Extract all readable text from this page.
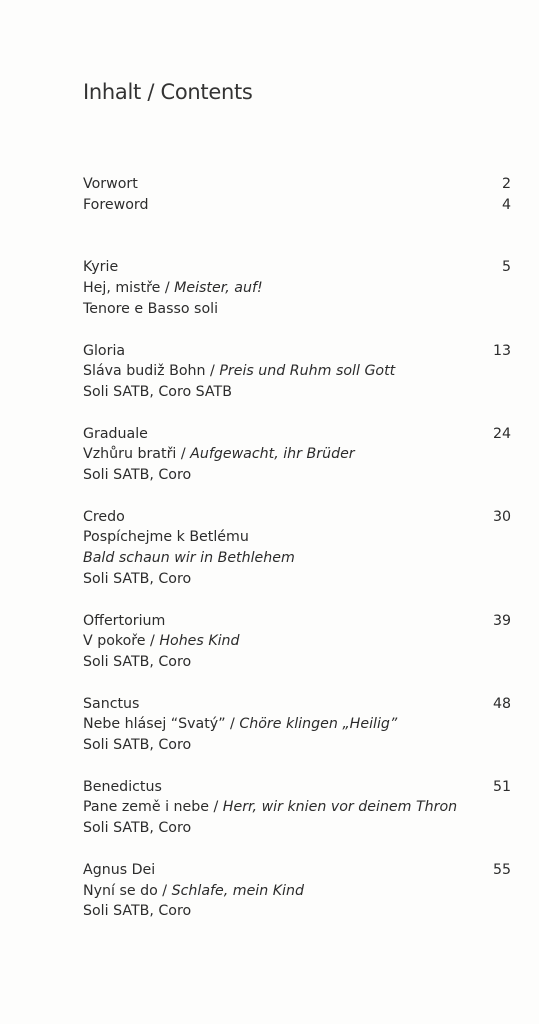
Inhalt / Contents
Vorwort	2
Foreword	4
Kyrie	5
Hej, mistře / Meister, auf!
Tenore e Basso soli
Gloria	13
Sláva budiž Bohn / Preis und Ruhm soll Gott
Soli SATB, Coro SATB
Graduale	24
Vzhůru bratři / Aufgewacht, ihr Brüder
Soli SATB, Coro
Credo	30
Pospíchejme k Betlému
Bald schaun wir in Bethlehem
Soli SATB, Coro
Offertorium	39
V pokoře / Hohes Kind
Soli SATB, Coro
Sanctus	48
Nebe hlásej “Svatý” / Chöre klingen „Heilig”
Soli SATB, Coro
Benedictus	51
Pane země i nebe / Herr, wir knien vor deinem Thron
Soli SATB, Coro
Agnus Dei	55
Nyní se do / Schlafe, mein Kind
Soli SATB, Coro
